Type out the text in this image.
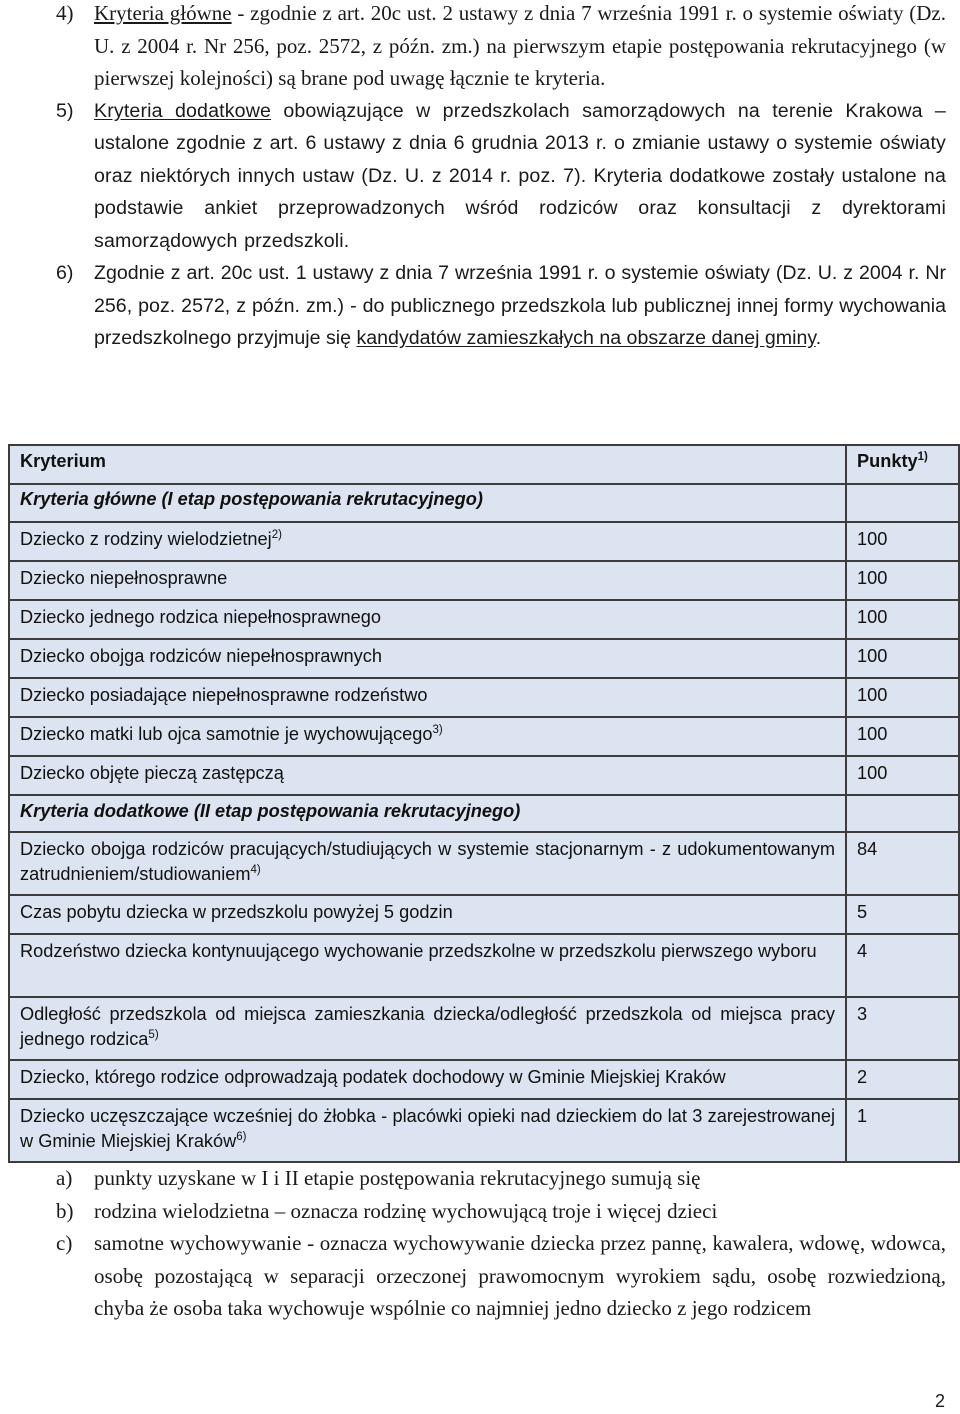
4) Kryteria główne - zgodnie z art. 20c ust. 2 ustawy z dnia 7 września 1991 r. o systemie oświaty (Dz. U. z 2004 r. Nr 256, poz. 2572, z późn. zm.) na pierwszym etapie postępowania rekrutacyjnego (w pierwszej kolejności) są brane pod uwagę łącznie te kryteria.
5) Kryteria dodatkowe obowiązujące w przedszkolach samorządowych na terenie Krakowa – ustalone zgodnie z art. 6 ustawy z dnia 6 grudnia 2013 r. o zmianie ustawy o systemie oświaty oraz niektórych innych ustaw (Dz. U. z 2014 r. poz. 7). Kryteria dodatkowe zostały ustalone na podstawie ankiet przeprowadzonych wśród rodziców oraz konsultacji z dyrektorami samorządowych przedszkoli.
6) Zgodnie z art. 20c ust. 1 ustawy z dnia 7 września 1991 r. o systemie oświaty (Dz. U. z 2004 r. Nr 256, poz. 2572, z późn. zm.) - do publicznego przedszkola lub publicznej innej formy wychowania przedszkolnego przyjmuje się kandydatów zamieszkałych na obszarze danej gminy.
Kryterium	Punkty$^{1)}$
Kryteria główne (I etap postępowania rekrutacyjnego)	
Dziecko z rodziny wielodzietnej$^{2)}$	100
Dziecko niepełnosprawne	100
Dziecko jednego rodzica niepełnosprawnego	100
Dziecko obojga rodziców niepełnosprawnych	100
Dziecko posiadające niepełnosprawne rodzeństwo	100
Dziecko matki lub ojca samotnie je wychowującego$^{3)}$	100
Dziecko objęte pieczą zastępczą	100
Kryteria dodatkowe (II etap postępowania rekrutacyjnego)	
Dziecko obojga rodziców pracujących/studiujących w systemie stacjonarnym - z udokumentowanym zatrudnieniem/studiowaniem$^{4)}$	84
Czas pobytu dziecka w przedszkolu powyżej 5 godzin	5
Rodzeństwo dziecka kontynuującego wychowanie przedszkolne w przedszkolu pierwszego wyboru	4
Odległość przedszkola od miejsca zamieszkania dziecka/odległość przedszkola od miejsca pracy jednego rodzica$^{5)}$	3
Dziecko, którego rodzice odprowadzają podatek dochodowy w Gminie Miejskiej Kraków	2
Dziecko uczęszczające wcześniej do żłobka - placówki opieki nad dzieckiem do lat 3 zarejestrowanej w Gminie Miejskiej Kraków$^{6)}$	1
a) punkty uzyskane w I i II etapie postępowania rekrutacyjnego sumują się
b) rodzina wielodzietna – oznacza rodzinę wychowującą troje i więcej dzieci
c) samotne wychowywanie - oznacza wychowywanie dziecka przez pannę, kawalera, wdowę, wdowca, osobę pozostającą w separacji orzeczonej prawomocnym wyrokiem sądu, osobę rozwiedzioną, chyba że osoba taka wychowuje wspólnie co najmniej jedno dziecko z jego rodzicem
2
